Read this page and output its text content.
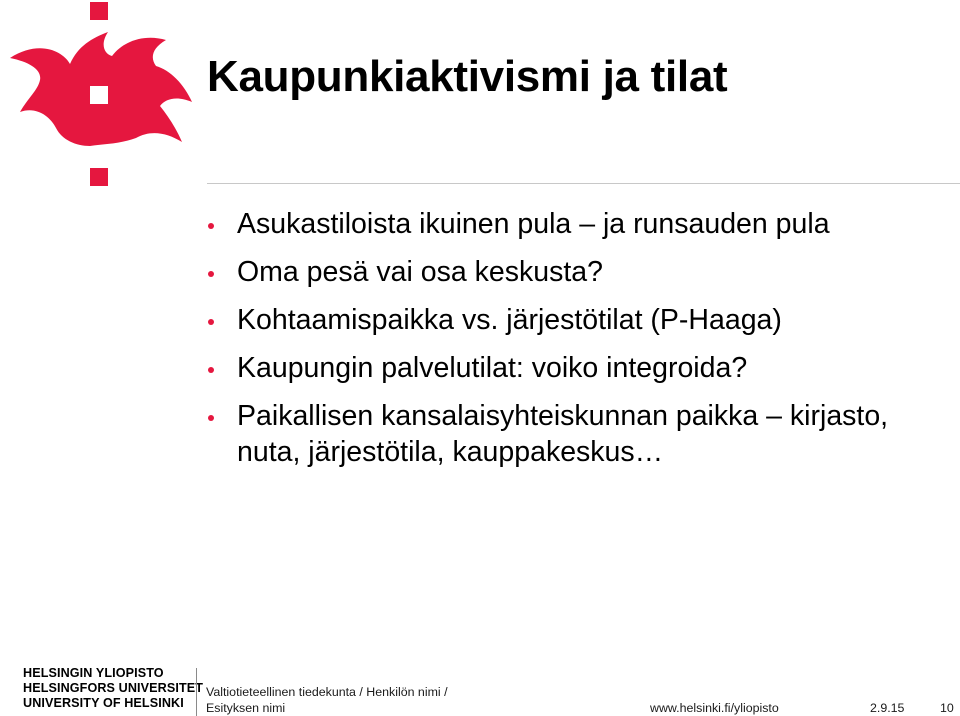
Kaupunkiaktivismi ja tilat
Asukastiloista ikuinen pula – ja runsauden pula
Oma pesä vai osa keskusta?
Kohtaamispaikka vs. järjestötilat (P-Haaga)
Kaupungin palvelutilat: voiko integroida?
Paikallisen kansalaisyhteiskunnan paikka – kirjasto, nuta, järjestötila, kauppakeskus…
HELSINGIN YLIOPISTO
HELSINGFORS UNIVERSITET
UNIVERSITY OF HELSINKI
Valtiotieteellinen tiedekunta / Henkilön nimi /
Esityksen nimi	www.helsinki.fi/yliopisto	2.9.15	10
